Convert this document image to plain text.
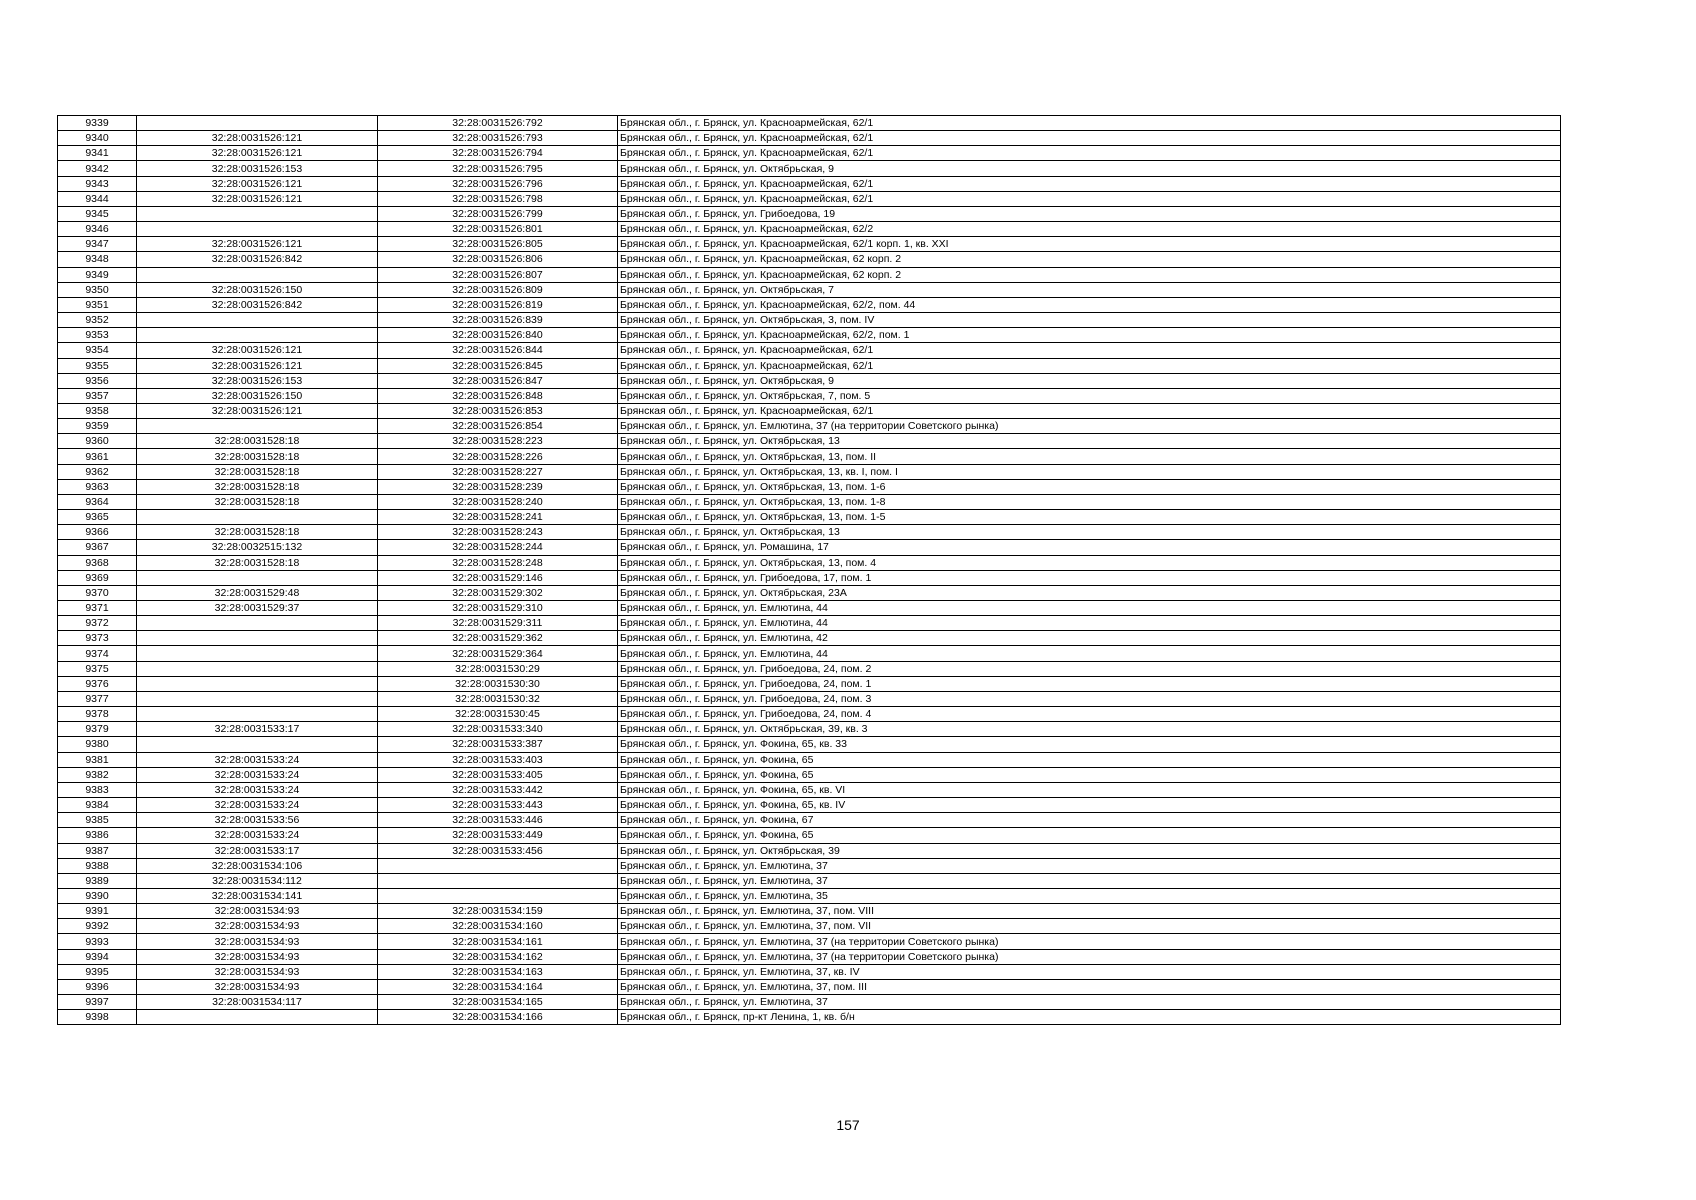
9339		32:28:0031526:792	Брянская обл., г. Брянск, ул. Красноармейская, 62/1
9340	32:28:0031526:121	32:28:0031526:793	Брянская обл., г. Брянск, ул. Красноармейская, 62/1
9341	32:28:0031526:121	32:28:0031526:794	Брянская обл., г. Брянск, ул. Красноармейская, 62/1
9342	32:28:0031526:153	32:28:0031526:795	Брянская обл., г. Брянск, ул. Октябрьская, 9
9343	32:28:0031526:121	32:28:0031526:796	Брянская обл., г. Брянск, ул. Красноармейская, 62/1
9344	32:28:0031526:121	32:28:0031526:798	Брянская обл., г. Брянск, ул. Красноармейская, 62/1
9345		32:28:0031526:799	Брянская обл., г. Брянск, ул. Грибоедова, 19
9346		32:28:0031526:801	Брянская обл., г. Брянск, ул. Красноармейская, 62/2
9347	32:28:0031526:121	32:28:0031526:805	Брянская обл., г. Брянск, ул. Красноармейская, 62/1 корп. 1, кв. XXI
9348	32:28:0031526:842	32:28:0031526:806	Брянская обл., г. Брянск, ул. Красноармейская, 62 корп. 2
9349		32:28:0031526:807	Брянская обл., г. Брянск, ул. Красноармейская, 62 корп. 2
9350	32:28:0031526:150	32:28:0031526:809	Брянская обл., г. Брянск, ул. Октябрьская, 7
9351	32:28:0031526:842	32:28:0031526:819	Брянская обл., г. Брянск, ул. Красноармейская, 62/2, пом. 44
9352		32:28:0031526:839	Брянская обл., г. Брянск, ул. Октябрьская, 3, пом. IV
9353		32:28:0031526:840	Брянская обл., г. Брянск, ул. Красноармейская, 62/2, пом. 1
9354	32:28:0031526:121	32:28:0031526:844	Брянская обл., г. Брянск, ул. Красноармейская, 62/1
9355	32:28:0031526:121	32:28:0031526:845	Брянская обл., г. Брянск, ул. Красноармейская, 62/1
9356	32:28:0031526:153	32:28:0031526:847	Брянская обл., г. Брянск, ул. Октябрьская, 9
9357	32:28:0031526:150	32:28:0031526:848	Брянская обл., г. Брянск, ул. Октябрьская, 7, пом. 5
9358	32:28:0031526:121	32:28:0031526:853	Брянская обл., г. Брянск, ул. Красноармейская, 62/1
9359		32:28:0031526:854	Брянская обл., г. Брянск, ул. Емлютина, 37 (на территории Советского рынка)
9360	32:28:0031528:18	32:28:0031528:223	Брянская обл., г. Брянск, ул. Октябрьская, 13
9361	32:28:0031528:18	32:28:0031528:226	Брянская обл., г. Брянск, ул. Октябрьская, 13, пом. II
9362	32:28:0031528:18	32:28:0031528:227	Брянская обл., г. Брянск, ул. Октябрьская, 13, кв. I, пом. I
9363	32:28:0031528:18	32:28:0031528:239	Брянская обл., г. Брянск, ул. Октябрьская, 13, пом. 1-6
9364	32:28:0031528:18	32:28:0031528:240	Брянская обл., г. Брянск, ул. Октябрьская, 13, пом. 1-8
9365		32:28:0031528:241	Брянская обл., г. Брянск, ул. Октябрьская, 13, пом. 1-5
9366	32:28:0031528:18	32:28:0031528:243	Брянская обл., г. Брянск, ул. Октябрьская, 13
9367	32:28:0032515:132	32:28:0031528:244	Брянская обл., г. Брянск, ул. Ромашина, 17
9368	32:28:0031528:18	32:28:0031528:248	Брянская обл., г. Брянск, ул. Октябрьская, 13, пом. 4
9369		32:28:0031529:146	Брянская обл., г. Брянск, ул. Грибоедова, 17, пом. 1
9370	32:28:0031529:48	32:28:0031529:302	Брянская обл., г. Брянск, ул. Октябрьская, 23А
9371	32:28:0031529:37	32:28:0031529:310	Брянская обл., г. Брянск, ул. Емлютина, 44
9372		32:28:0031529:311	Брянская обл., г. Брянск, ул. Емлютина, 44
9373		32:28:0031529:362	Брянская обл., г. Брянск, ул. Емлютина, 42
9374		32:28:0031529:364	Брянская обл., г. Брянск, ул. Емлютина, 44
9375		32:28:0031530:29	Брянская обл., г. Брянск, ул. Грибоедова, 24, пом. 2
9376		32:28:0031530:30	Брянская обл., г. Брянск, ул. Грибоедова, 24, пом. 1
9377		32:28:0031530:32	Брянская обл., г. Брянск, ул. Грибоедова, 24, пом. 3
9378		32:28:0031530:45	Брянская обл., г. Брянск, ул. Грибоедова, 24, пом. 4
9379	32:28:0031533:17	32:28:0031533:340	Брянская обл., г. Брянск, ул. Октябрьская, 39, кв. 3
9380		32:28:0031533:387	Брянская обл., г. Брянск, ул. Фокина, 65, кв. 33
9381	32:28:0031533:24	32:28:0031533:403	Брянская обл., г. Брянск, ул. Фокина, 65
9382	32:28:0031533:24	32:28:0031533:405	Брянская обл., г. Брянск, ул. Фокина, 65
9383	32:28:0031533:24	32:28:0031533:442	Брянская обл., г. Брянск, ул. Фокина, 65, кв. VI
9384	32:28:0031533:24	32:28:0031533:443	Брянская обл., г. Брянск, ул. Фокина, 65, кв. IV
9385	32:28:0031533:56	32:28:0031533:446	Брянская обл., г. Брянск, ул. Фокина, 67
9386	32:28:0031533:24	32:28:0031533:449	Брянская обл., г. Брянск, ул. Фокина, 65
9387	32:28:0031533:17	32:28:0031533:456	Брянская обл., г. Брянск, ул. Октябрьская, 39
9388	32:28:0031534:106		Брянская обл., г. Брянск, ул. Емлютина, 37
9389	32:28:0031534:112		Брянская обл., г. Брянск, ул. Емлютина, 37
9390	32:28:0031534:141		Брянская обл., г. Брянск, ул. Емлютина, 35
9391	32:28:0031534:93	32:28:0031534:159	Брянская обл., г. Брянск, ул. Емлютина, 37, пом. VIII
9392	32:28:0031534:93	32:28:0031534:160	Брянская обл., г. Брянск, ул. Емлютина, 37, пом. VII
9393	32:28:0031534:93	32:28:0031534:161	Брянская обл., г. Брянск, ул. Емлютина, 37 (на территории Советского рынка)
9394	32:28:0031534:93	32:28:0031534:162	Брянская обл., г. Брянск, ул. Емлютина, 37 (на территории Советского рынка)
9395	32:28:0031534:93	32:28:0031534:163	Брянская обл., г. Брянск, ул. Емлютина, 37, кв. IV
9396	32:28:0031534:93	32:28:0031534:164	Брянская обл., г. Брянск, ул. Емлютина, 37, пом. III
9397	32:28:0031534:117	32:28:0031534:165	Брянская обл., г. Брянск, ул. Емлютина, 37
9398		32:28:0031534:166	Брянская обл., г. Брянск, пр-кт Ленина, 1, кв. б/н
157
